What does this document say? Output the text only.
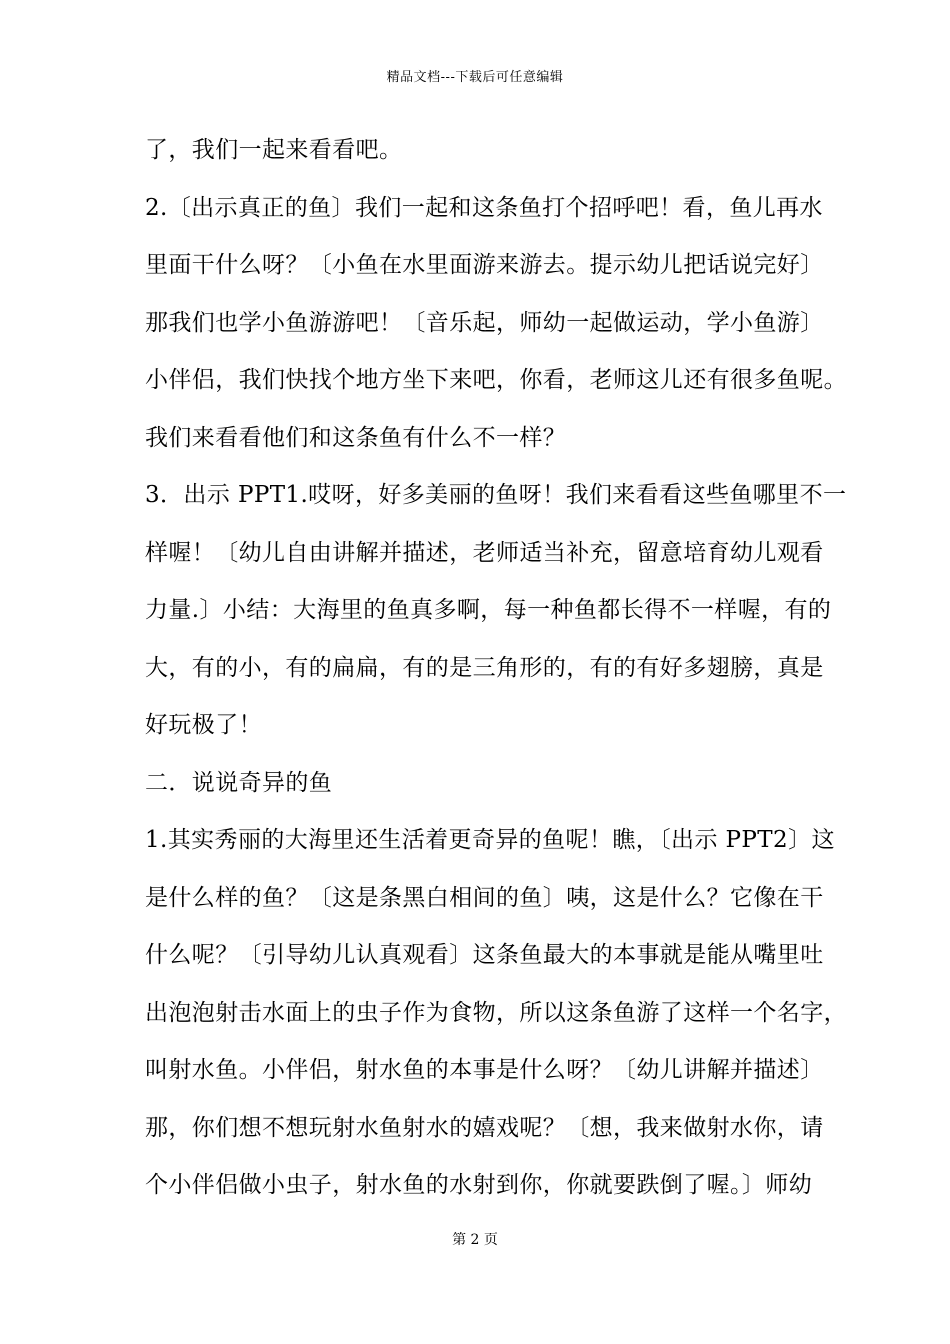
精品文档---下载后可任意编辑
了，我们一起来看看吧。
2.〔出示真正的鱼〕我们一起和这条鱼打个招呼吧！看，鱼儿再水
里面干什么呀？〔小鱼在水里面游来游去。提示幼儿把话说完好〕
那我们也学小鱼游游吧！〔音乐起，师幼一起做运动，学小鱼游〕
小伴侣，我们快找个地方坐下来吧，你看，老师这儿还有很多鱼呢。
我们来看看他们和这条鱼有什么不一样？
3．出示 PPT1.哎呀，好多美丽的鱼呀！我们来看看这些鱼哪里不一
样喔！〔幼儿自由讲解并描述，老师适当补充，留意培育幼儿观看
力量.〕小结：大海里的鱼真多啊，每一种鱼都长得不一样喔，有的
大，有的小，有的扁扁，有的是三角形的，有的有好多翅膀，真是
好玩极了！
二．说说奇异的鱼
1.其实秀丽的大海里还生活着更奇异的鱼呢！瞧，〔出示 PPT2〕这
是什么样的鱼？〔这是条黑白相间的鱼〕咦，这是什么？它像在干
什么呢？〔引导幼儿认真观看〕这条鱼最大的本事就是能从嘴里吐
出泡泡射击水面上的虫子作为食物，所以这条鱼游了这样一个名字，
叫射水鱼。小伴侣，射水鱼的本事是什么呀？〔幼儿讲解并描述〕
那，你们想不想玩射水鱼射水的嬉戏呢？〔想，我来做射水你，请
个小伴侣做小虫子，射水鱼的水射到你，你就要跌倒了喔。〕师幼
第 2 页
